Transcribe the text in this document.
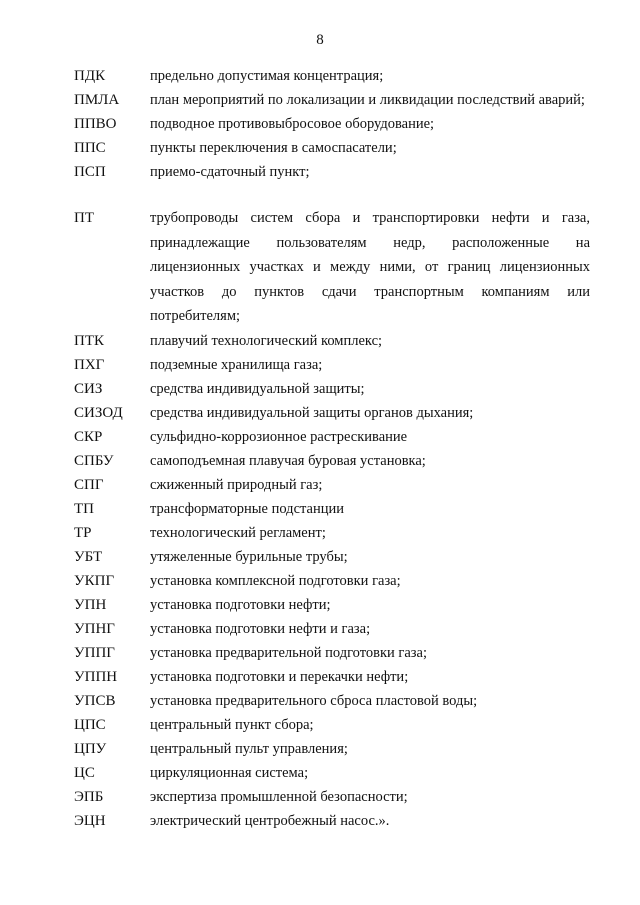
8
ПДК	предельно допустимая концентрация;
ПМЛА план мероприятий по локализации и ликвидации последствий аварий;
ППВО подводное противовыбросовое оборудование;
ППС	пункты переключения в самоспасатели;
ПСП	приемо-сдаточный пункт;
ПТ	трубопроводы систем сбора и транспортировки нефти и газа, принадлежащие пользователям недр, расположенные на лицензионных участках и между ними, от границ лицензионных участков до пунктов сдачи транспортным компаниям или потребителям;
ПТК	плавучий технологический комплекс;
ПХГ	подземные хранилища газа;
СИЗ	средства индивидуальной защиты;
СИЗОД средства индивидуальной защиты органов дыхания;
СКР	сульфидно-коррозионное растрескивание
СПБУ	самоподъемная плавучая буровая установка;
СПГ	сжиженный природный газ;
ТП	трансформаторные подстанции
ТР	технологический регламент;
УБТ	утяжеленные бурильные трубы;
УКПГ установка комплексной подготовки газа;
УПН	установка подготовки нефти;
УПНГ установка подготовки нефти и газа;
УППГ установка предварительной подготовки газа;
УППН установка подготовки и перекачки нефти;
УПСВ установка предварительного сброса пластовой воды;
ЦПС	центральный пункт сбора;
ЦПУ	центральный пульт управления;
ЦС	циркуляционная система;
ЭПБ	экспертиза промышленной безопасности;
ЭЦН	электрический центробежный насос.».
